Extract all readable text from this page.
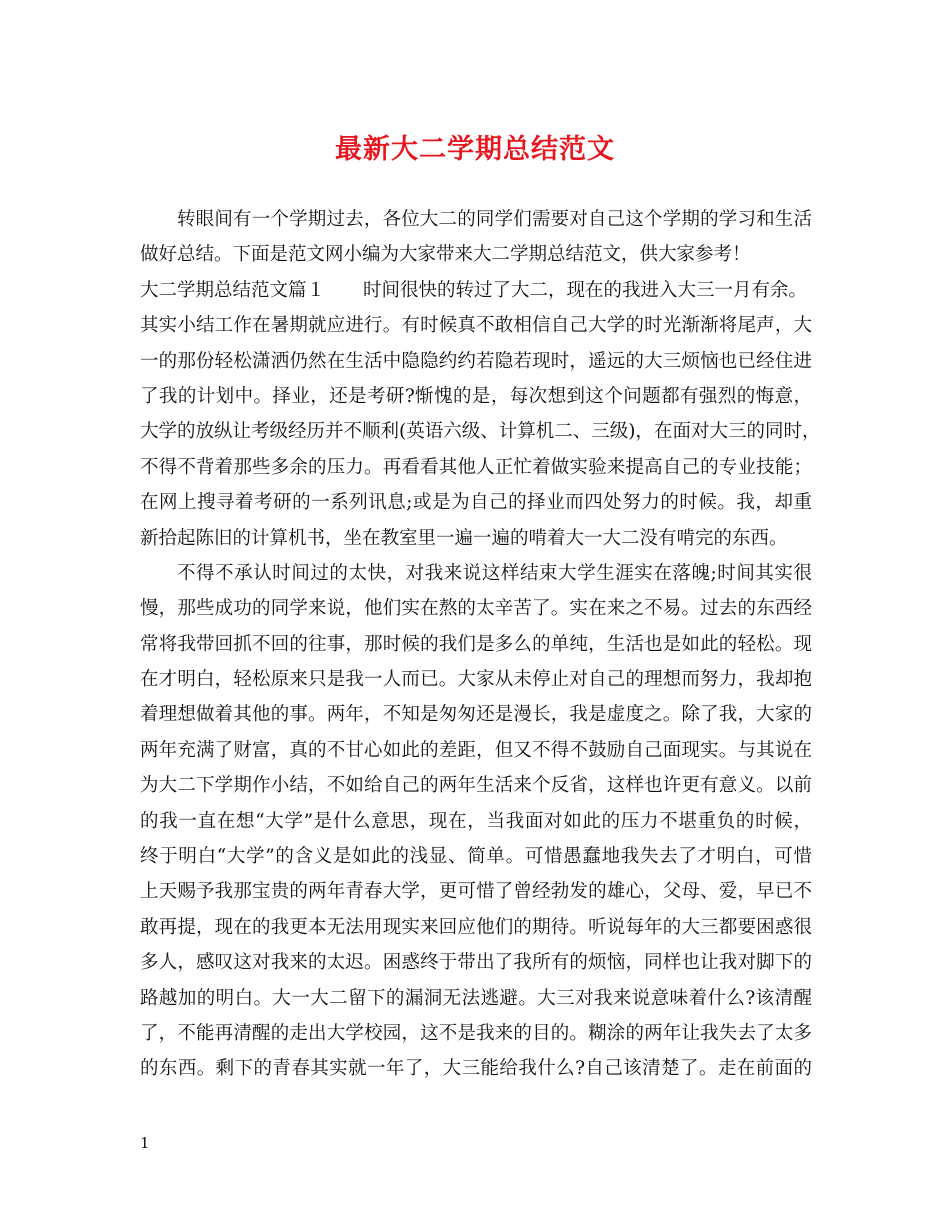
最新大二学期总结范文
转眼间有一个学期过去，各位大二的同学们需要对自己这个学期的学习和生活
做好总结。下面是范文网小编为大家带来大二学期总结范文，供大家参考！
大二学期总结范文篇１ 时间很快的转过了大二，现在的我进入大三一月有余。
其实小结工作在暑期就应进行。有时候真不敢相信自己大学的时光渐渐将尾声，大
一的那份轻松潇洒仍然在生活中隐隐约约若隐若现时，遥远的大三烦恼也已经住进
了我的计划中。择业，还是考研?惭愧的是，每次想到这个问题都有强烈的悔意，
大学的放纵让考级经历并不顺利(英语六级、计算机二、三级)，在面对大三的同时，
不得不背着那些多余的压力。再看看其他人正忙着做实验来提高自己的专业技能；
在网上搜寻着考研的一系列讯息;或是为自己的择业而四处努力的时候。我，却重
新拾起陈旧的计算机书，坐在教室里一遍一遍的啃着大一大二没有啃完的东西。
不得不承认时间过的太快，对我来说这样结束大学生涯实在落魄;时间其实很
慢，那些成功的同学来说，他们实在熬的太辛苦了。实在来之不易。过去的东西经
常将我带回抓不回的往事，那时候的我们是多么的单纯，生活也是如此的轻松。现
在才明白，轻松原来只是我一人而已。大家从未停止对自己的理想而努力，我却抱
着理想做着其他的事。两年，不知是匆匆还是漫长，我是虚度之。除了我，大家的
两年充满了财富，真的不甘心如此的差距，但又不得不鼓励自己面现实。与其说在
为大二下学期作小结，不如给自己的两年生活来个反省，这样也许更有意义。以前
的我一直在想“大学”是什么意思，现在，当我面对如此的压力不堪重负的时候，
终于明白“大学”的含义是如此的浅显、简单。可惜愚蠢地我失去了才明白，可惜
上天赐予我那宝贵的两年青春大学，更可惜了曾经勃发的雄心，父母、爱，早已不
敢再提，现在的我更本无法用现实来回应他们的期待。听说每年的大三都要困惑很
多人，感叹这对我来的太迟。困惑终于带出了我所有的烦恼，同样也让我对脚下的
路越加的明白。大一大二留下的漏洞无法逃避。大三对我来说意味着什么?该清醒
了，不能再清醒的走出大学校园，这不是我来的目的。糊涂的两年让我失去了太多
的东西。剩下的青春其实就一年了，大三能给我什么?自己该清楚了。走在前面的
1
